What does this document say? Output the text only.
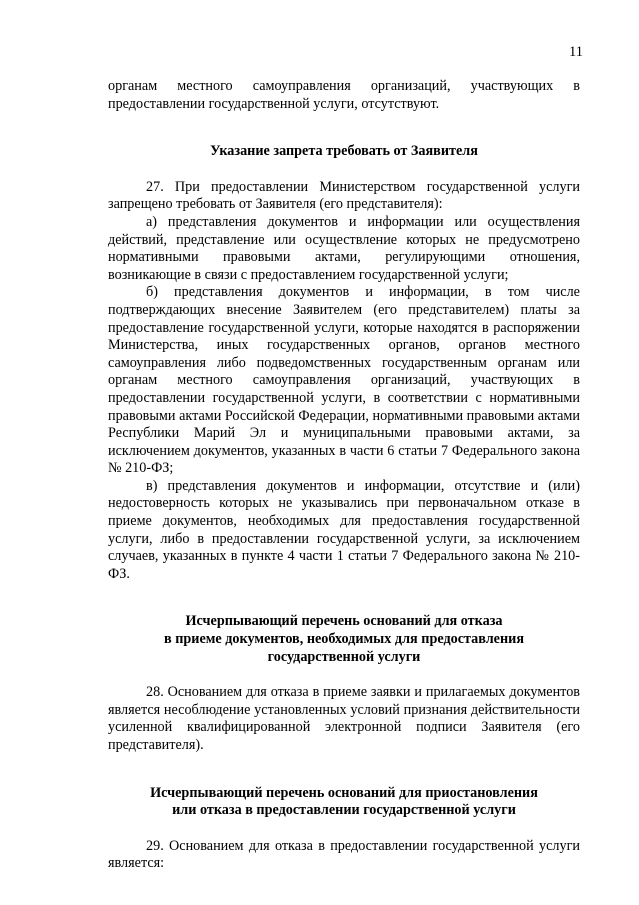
11

органам местного самоуправления организаций, участвующих в предоставлении государственной услуги, отсутствуют.

Указание запрета требовать от Заявителя

27. При предоставлении Министерством государственной услуги запрещено требовать от Заявителя (его представителя):

а) представления документов и информации или осуществления действий, представление или осуществление которых не предусмотрено нормативными правовыми актами, регулирующими отношения, возникающие в связи с предоставлением государственной услуги;

б) представления документов и информации, в том числе подтверждающих внесение Заявителем (его представителем) платы за предоставление государственной услуги, которые находятся в распоряжении Министерства, иных государственных органов, органов местного самоуправления либо подведомственных государственным органам или органам местного самоуправления организаций, участвующих в предоставлении государственной услуги, в соответствии с нормативными правовыми актами Российской Федерации, нормативными правовыми актами Республики Марий Эл и муниципальными правовыми актами, за исключением документов, указанных в части 6 статьи 7 Федерального закона № 210-ФЗ;

в) представления документов и информации, отсутствие и (или) недостоверность которых не указывались при первоначальном отказе в приеме документов, необходимых для предоставления государственной услуги, либо в предоставлении государственной услуги, за исключением случаев, указанных в пункте 4 части 1 статьи 7 Федерального закона № 210-ФЗ.

Исчерпывающий перечень оснований для отказа

в приеме документов, необходимых для предоставления

государственной услуги

28. Основанием для отказа в приеме заявки и прилагаемых документов является несоблюдение установленных условий признания действительности усиленной квалифицированной электронной подписи Заявителя (его представителя).

Исчерпывающий перечень оснований для приостановления

или отказа в предоставлении государственной услуги

29. Основанием для отказа в предоставлении государственной услуги является:
